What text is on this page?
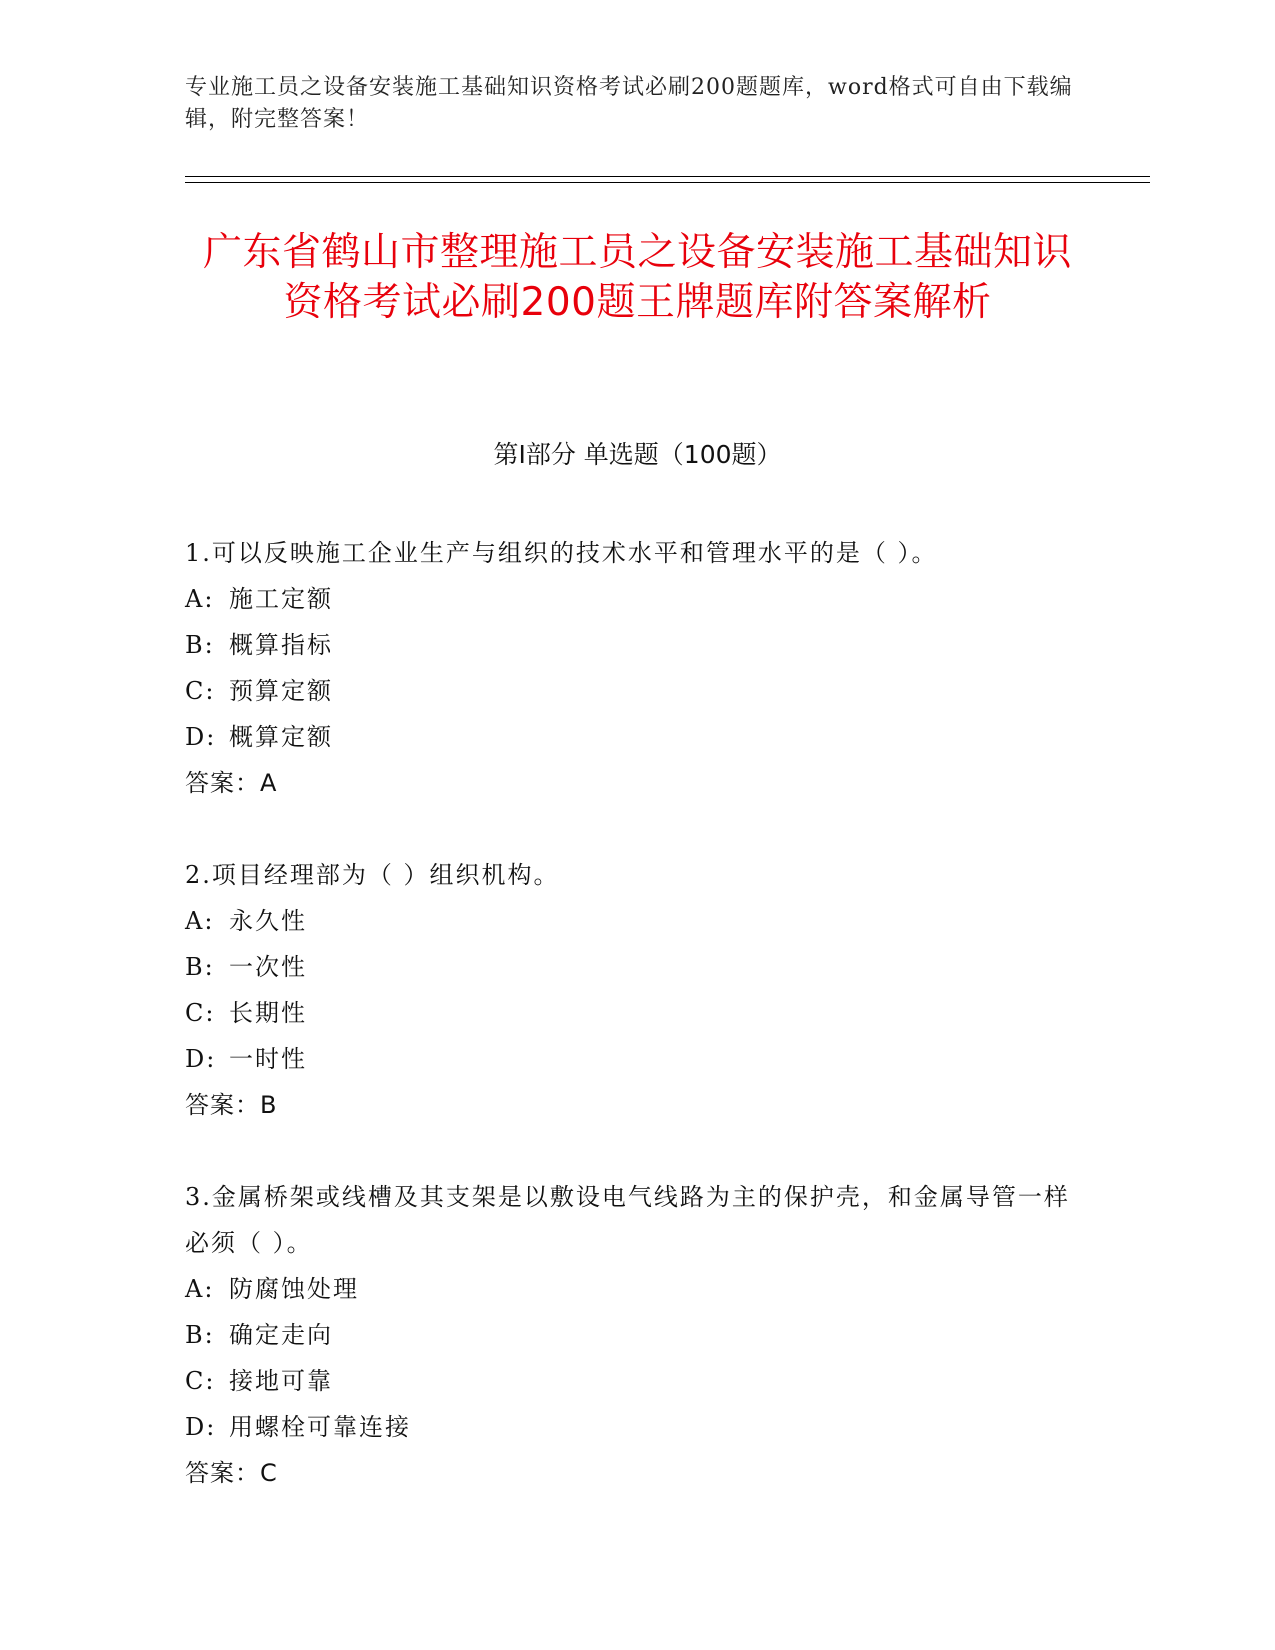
专业施工员之设备安装施工基础知识资格考试必刷200题题库，word格式可自由下载编辑，附完整答案！
广东省鹤山市整理施工员之设备安装施工基础知识资格考试必刷200题王牌题库附答案解析
第Ⅰ部分 单选题（100题）
1.可以反映施工企业生产与组织的技术水平和管理水平的是（ ）。
A: 施工定额
B: 概算指标
C: 预算定额
D: 概算定额
答案：A
2.项目经理部为（ ）组织机构。
A: 永久性
B: 一次性
C: 长期性
D: 一时性
答案：B
3.金属桥架或线槽及其支架是以敷设电气线路为主的保护壳，和金属导管一样必须（ ）。
A: 防腐蚀处理
B: 确定走向
C: 接地可靠
D: 用螺栓可靠连接
答案：C
